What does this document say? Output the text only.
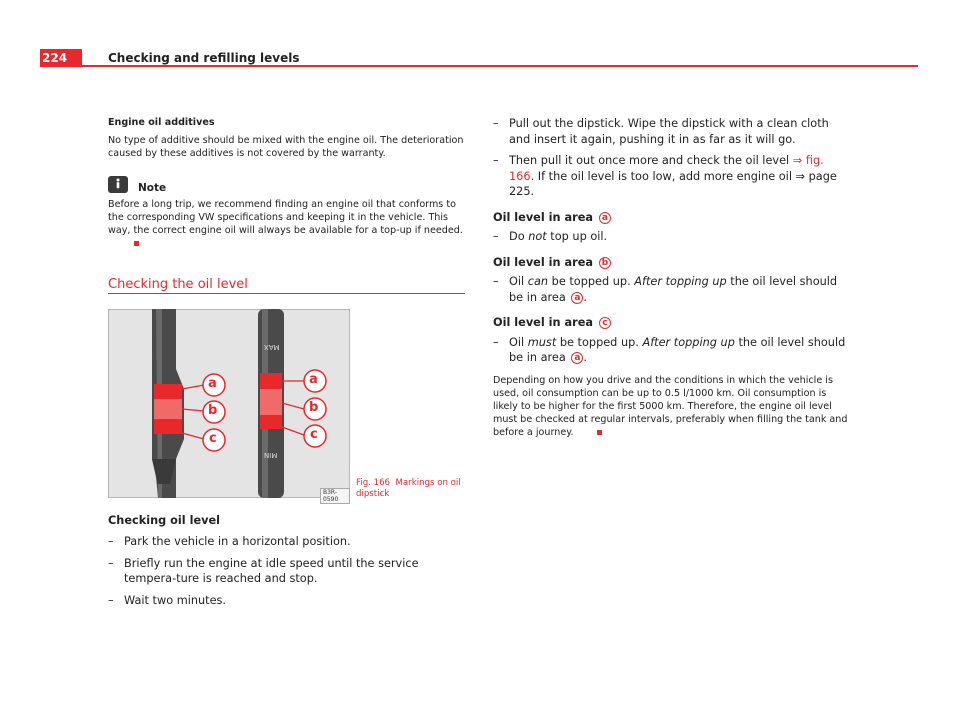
224	Checking and refilling levels
Engine oil additives
No type of additive should be mixed with the engine oil. The deterioration caused by these additives is not covered by the warranty.
Note
Before a long trip, we recommend finding an engine oil that conforms to the corresponding VW specifications and keeping it in the vehicle. This way, the correct engine oil will always be available for a top-up if needed.
Checking the oil level
a
b
c
a
b
c
MAX
MIN
B3R-0590
Fig. 166 Markings on oil dipstick
Checking oil level
– Park the vehicle in a horizontal position.
– Briefly run the engine at idle speed until the service tempera-ture is reached and stop.
– Wait two minutes.
– Pull out the dipstick. Wipe the dipstick with a clean cloth and insert it again, pushing it in as far as it will go.
– Then pull it out once more and check the oil level ⇒ fig. 166. If the oil level is too low, add more engine oil ⇒ page 225.
Oil level in area a
– Do not top up oil.
Oil level in area b
– Oil can be topped up. After topping up the oil level should be in area a .
Oil level in area c
– Oil must be topped up. After topping up the oil level should be in area a .
Depending on how you drive and the conditions in which the vehicle is used, oil consumption can be up to 0.5 l/1000 km. Oil consumption is likely to be higher for the first 5000 km. Therefore, the engine oil level must be checked at regular intervals, preferably when filling the tank and before a journey.
